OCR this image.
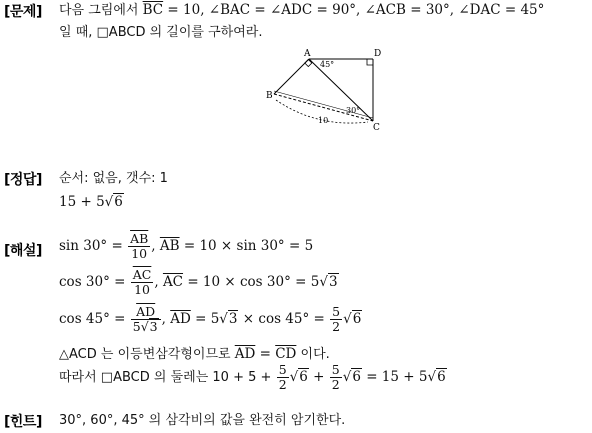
[문제] 다음 그림에서 $\overline{BC} = 10$, ∠BAC = ∠ADC = 90°, ∠ACB = 30°, ∠DAC = 45°
일 때, □ABCD 의 길이를 구하여라.
A	D
B
C
45°
30°
10
[정답] 순서: 없음, 갯수: 1
15 + 5√6
[해설] $\sin 30^\circ = \frac{\overline{AB}}{10}$ , $\overline{AB} = 10 \times \sin 30^\circ = 5$
$\cos 30^\circ = \frac{\overline{AC}}{10}$ , $\overline{AC} = 10 \times \cos 30^\circ = 5√3$
$\cos 45^\circ = \frac{\overline{AD}}{5√3}$ , $\overline{AD} = 5√3 \times \cos 45^\circ = \frac{5}{2} √6$
△ACD 는 이등변삼각형이므로 $\overline{AD} = \overline{CD}$ 이다.
따라서 □ABCD 의 둘레는 $10 + 5 + \frac{5}{2} √6 + \frac{5}{2} √6 = 15 + 5√6$
[힌트] 30°, 60°, 45° 의 삼각비의 값을 완전히 암기한다.
